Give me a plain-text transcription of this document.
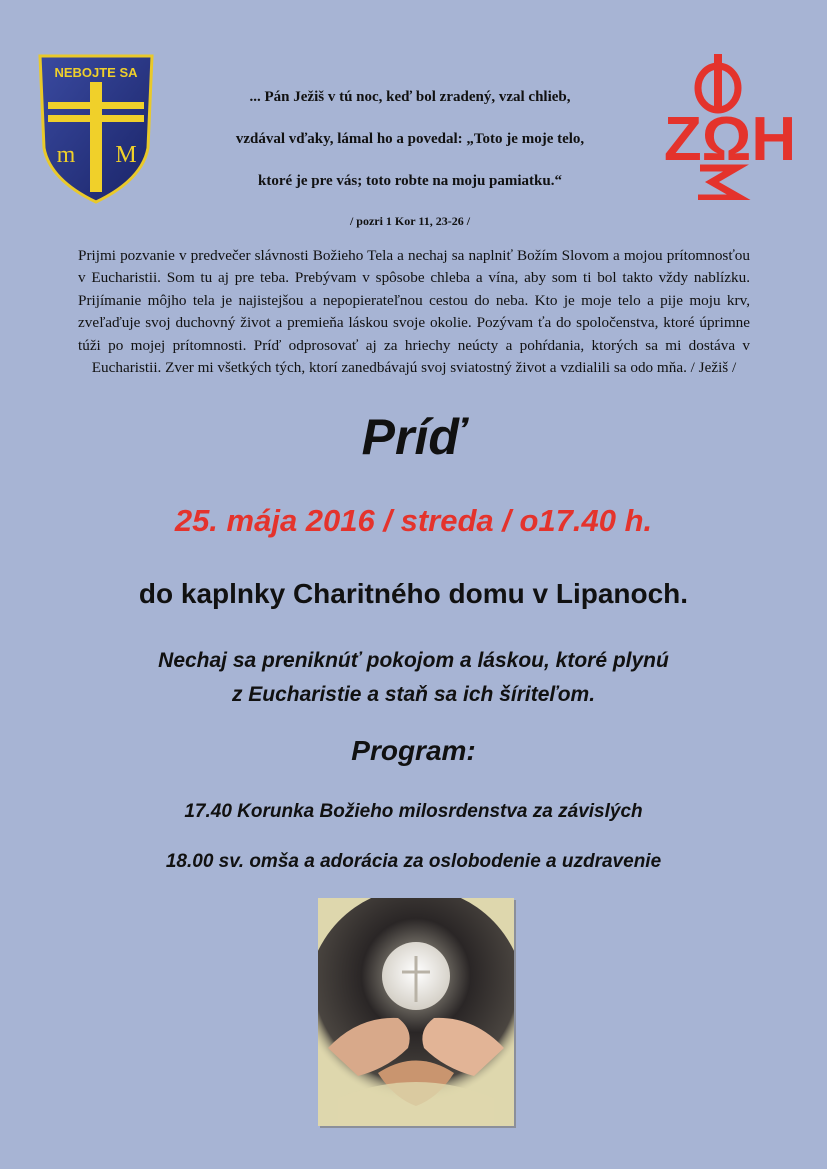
NEBOJTE SA
m M	ZΩH

... Pán Ježiš v tú noc, keď bol zradený, vzal chlieb,

vzdával vďaky, lámal ho a povedal: „Toto je moje telo,

ktoré je pre vás; toto robte na moju pamiatku.“

/ pozri 1 Kor 11, 23-26 /

Prijmi pozvanie v predvečer slávnosti Božieho Tela a nechaj sa naplniť Božím Slovom a mojou prítomnosťou v Eucharistii. Som tu aj pre teba. Prebývam v spôsobe chleba a vína, aby som ti bol takto vždy nablízku. Prijímanie môjho tela je najistejšou a nepopierateľnou cestou do neba. Kto je moje telo a pije moju krv, zveľaďuje svoj duchovný život a premieňa láskou svoje okolie. Pozývam ťa do spoločenstva, ktoré úprimne túži po mojej prítomnosti. Príď odprosovať aj za hriechy neúcty a pohŕdania, ktorých sa mi dostáva v Eucharistii. Zver mi všetkých tých, ktorí zanedbávajú svoj sviatostný život a vzdialili sa odo mňa. / Ježiš /
Príď
25. mája 2016 / streda / o17.40 h.
do kaplnky Charitného domu v Lipanoch.
Nechaj sa preniknúť pokojom a láskou, ktoré plynú
z Eucharistie a staň sa ich šíriteľom.
Program:
17.40 Korunka Božieho milosrdenstva za závislých
18.00 sv. omša a adorácia za oslobodenie a uzdravenie
